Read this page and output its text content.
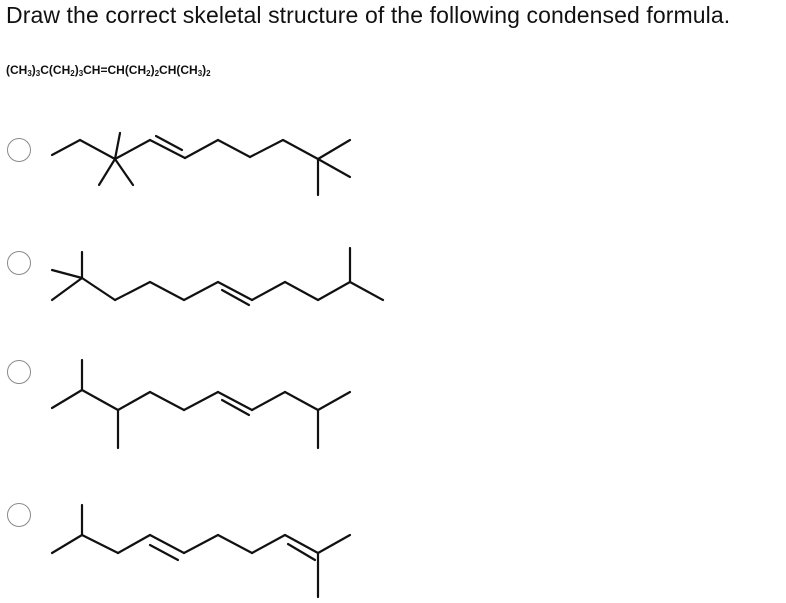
Draw the correct skeletal structure of the following condensed formula.
$(CH_3)_3C(CH_2)_3CH=CH(CH_2)_2CH(CH_3)_2$
